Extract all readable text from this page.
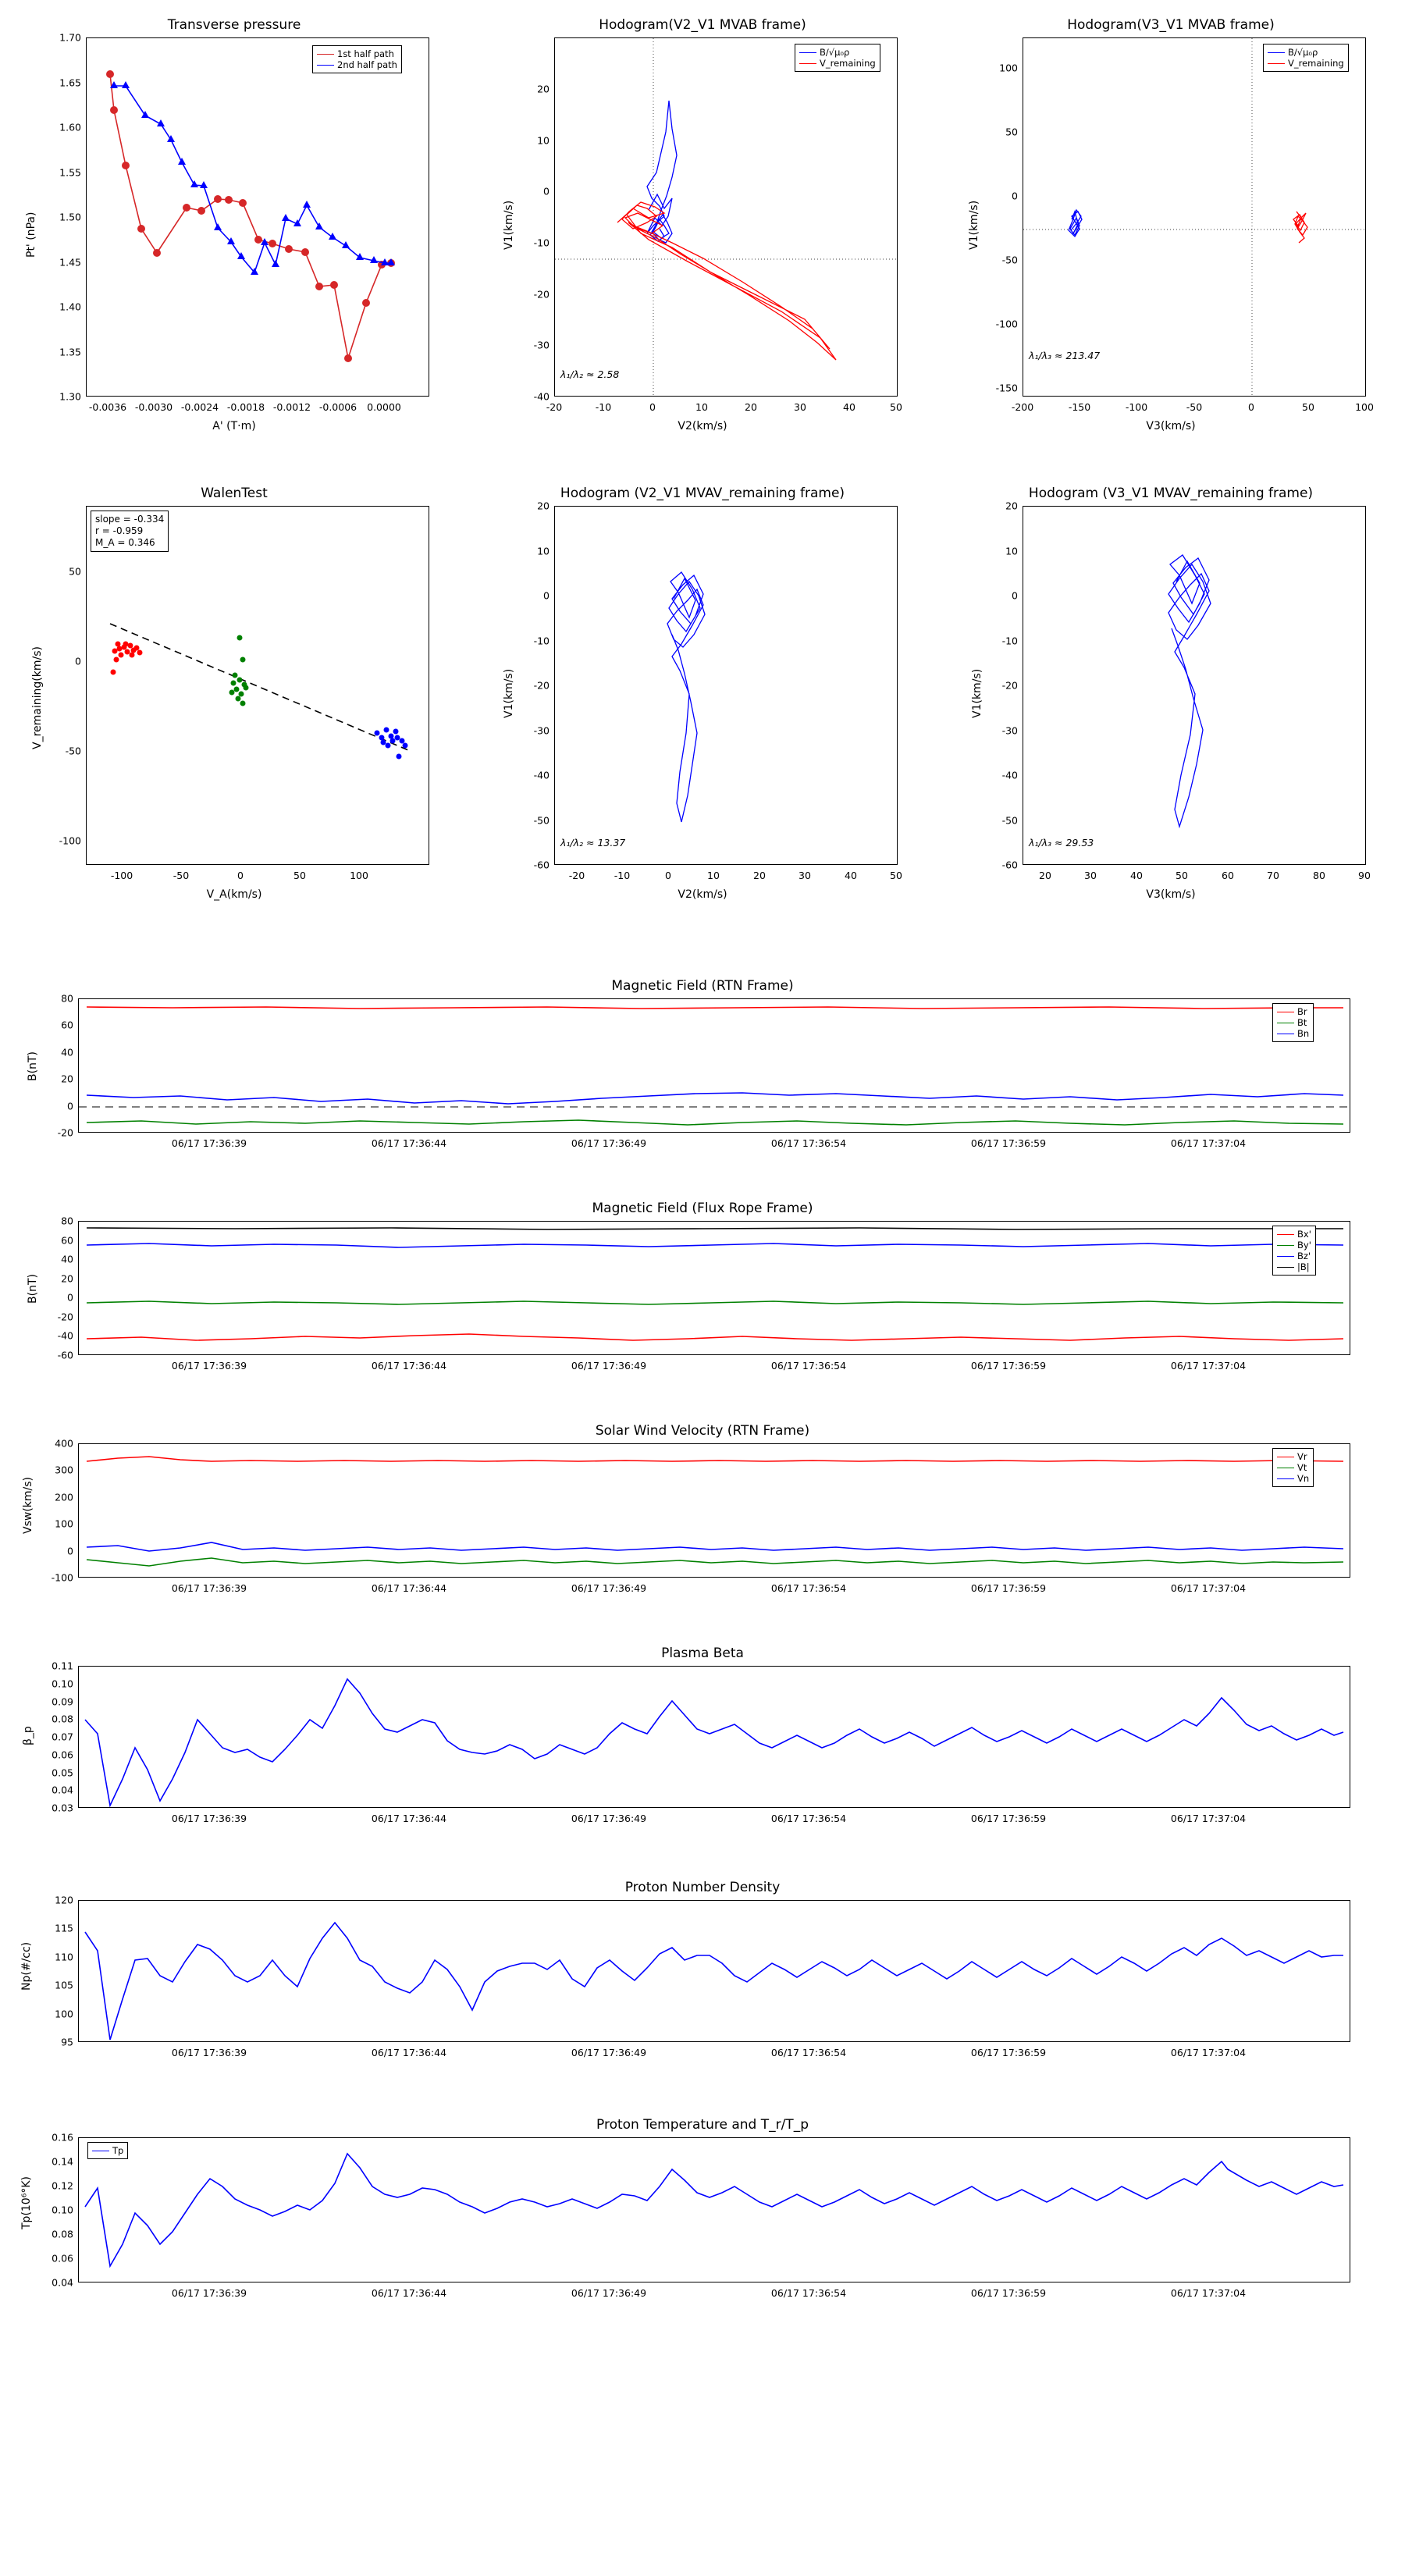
Transverse pressure
1st half path
2nd half path
1.30
1.35
1.40
1.45
1.50
1.55
1.60
1.65
1.70
-0.0036 -0.0030 -0.0024 -0.0018 -0.0012 -0.0006 0.0000
A' (T·m)
Pt' (nPa)
Hodogram(V2_V1 MVAB frame)
B/√μ₀ρ
V_remaining
λ₁/λ₂ ≈ 2.58
-40
-30
-20
-10
0
10
20
-20	-10	0	10	20	30	40	50
V2(km/s)
V1(km/s)
Hodogram(V3_V1 MVAB frame)
B/√μ₀ρ
V_remaining
λ₁/λ₃ ≈ 213.47
-150
-100
-50
0
50
100
-200	-150	-100	-50	0	50	100
V3(km/s)
V1(km/s)
WalenTest
slope = -0.334
r = -0.959
M_A = 0.346
-100
-50
0
50
-100	-50	0	50	100
V_A(km/s)
V_remaining(km/s)
Hodogram (V2_V1 MVAV_remaining frame)
λ₁/λ₂ ≈ 13.37
-60
-50
-40
-30
-20
-10
0
10
20
-20	-10	0	10	20	30	40	50
V2(km/s)
V1(km/s)
Hodogram (V3_V1 MVAV_remaining frame)
λ₁/λ₃ ≈ 29.53
-60
-50
-40
-30
-20
-10
0
10
20
20	30	40	50	60	70	80	90
V3(km/s)
V1(km/s)
Magnetic Field (RTN Frame)
Br
Bt
Bn
-20
0
20
40
60
80
06/17 17:36:39	06/17 17:36:44	06/17 17:36:49	06/17 17:36:54	06/17 17:36:59	06/17 17:37:04
B(nT)
Magnetic Field (Flux Rope Frame)
Bx'
By'
Bz'
|B|
-60
-40
-20
0
20
40
60
80
06/17 17:36:39	06/17 17:36:44	06/17 17:36:49	06/17 17:36:54	06/17 17:36:59	06/17 17:37:04
B(nT)
Solar Wind Velocity (RTN Frame)
Vr
Vt
Vn
-100
0
100
200
300
400
06/17 17:36:39	06/17 17:36:44	06/17 17:36:49	06/17 17:36:54	06/17 17:36:59	06/17 17:37:04
Vsw(km/s)
Plasma Beta
0.03
0.04
0.05
0.06
0.07
0.08
0.09
0.10
0.11
06/17 17:36:39	06/17 17:36:44	06/17 17:36:49	06/17 17:36:54	06/17 17:36:59	06/17 17:37:04
β_p
Proton Number Density
95
100
105
110
115
120
06/17 17:36:39	06/17 17:36:44	06/17 17:36:49	06/17 17:36:54	06/17 17:36:59	06/17 17:37:04
Np(#/cc)
Proton Temperature and T_r/T_p
Tp
0.04
0.06
0.08
0.10
0.12
0.14
0.16
06/17 17:36:39	06/17 17:36:44	06/17 17:36:49	06/17 17:36:54	06/17 17:36:59	06/17 17:37:04
Tp(10⁶°K)
